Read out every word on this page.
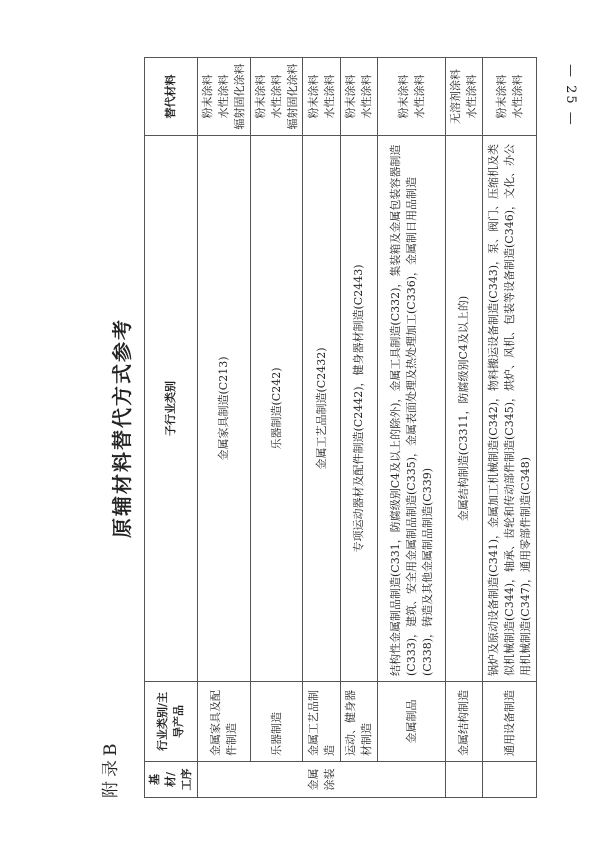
— 25 —
附录B
原辅材料替代方式参考
基材/工序	行业类别/主导产品	子行业类别	替代材料
金属涂装	金属家具及配件制造	金属家具制造(C213)	粉末涂料 水性涂料 辐射固化涂料

	乐器制造	乐器制造(C242)	粉末涂料 水性涂料 辐射固化涂料

	金属工艺品制造	金属工艺品制造(C2432)	粉末涂料 水性涂料

	运动、健身器材制造	专项运动器材及配件制造(C2442)，健身器材制造(C2443)	粉末涂料 水性涂料

	金属制品	结构性金属制品制造(C331，防腐级别C4及以上的除外)，金属工具制造(C332)，集装箱及金属包装容器制造(C333)，建筑、安全用金属制品制造(C335)，金属表面处理及热处理加工(C336)，金属制日用品制造(C338)，铸造及其他金属制品制造(C339)	粉末涂料 水性涂料

	金属结构制造	金属结构制造(C3311，防腐级别C4及以上的)	无溶剂涂料 水性涂料

	通用设备制造	锅炉及原动设备制造(C341)，金属加工机械制造(C342)，物料搬运设备制造(C343)，泵、阀门、压缩机及类似机械制造(C344)，轴承、齿轮和传动部件制造(C345)，烘炉、风机、包装等设备制造(C346)，文化、办公用机械制造(C347)，通用零部件制造(C348)	粉末涂料 水性涂料
